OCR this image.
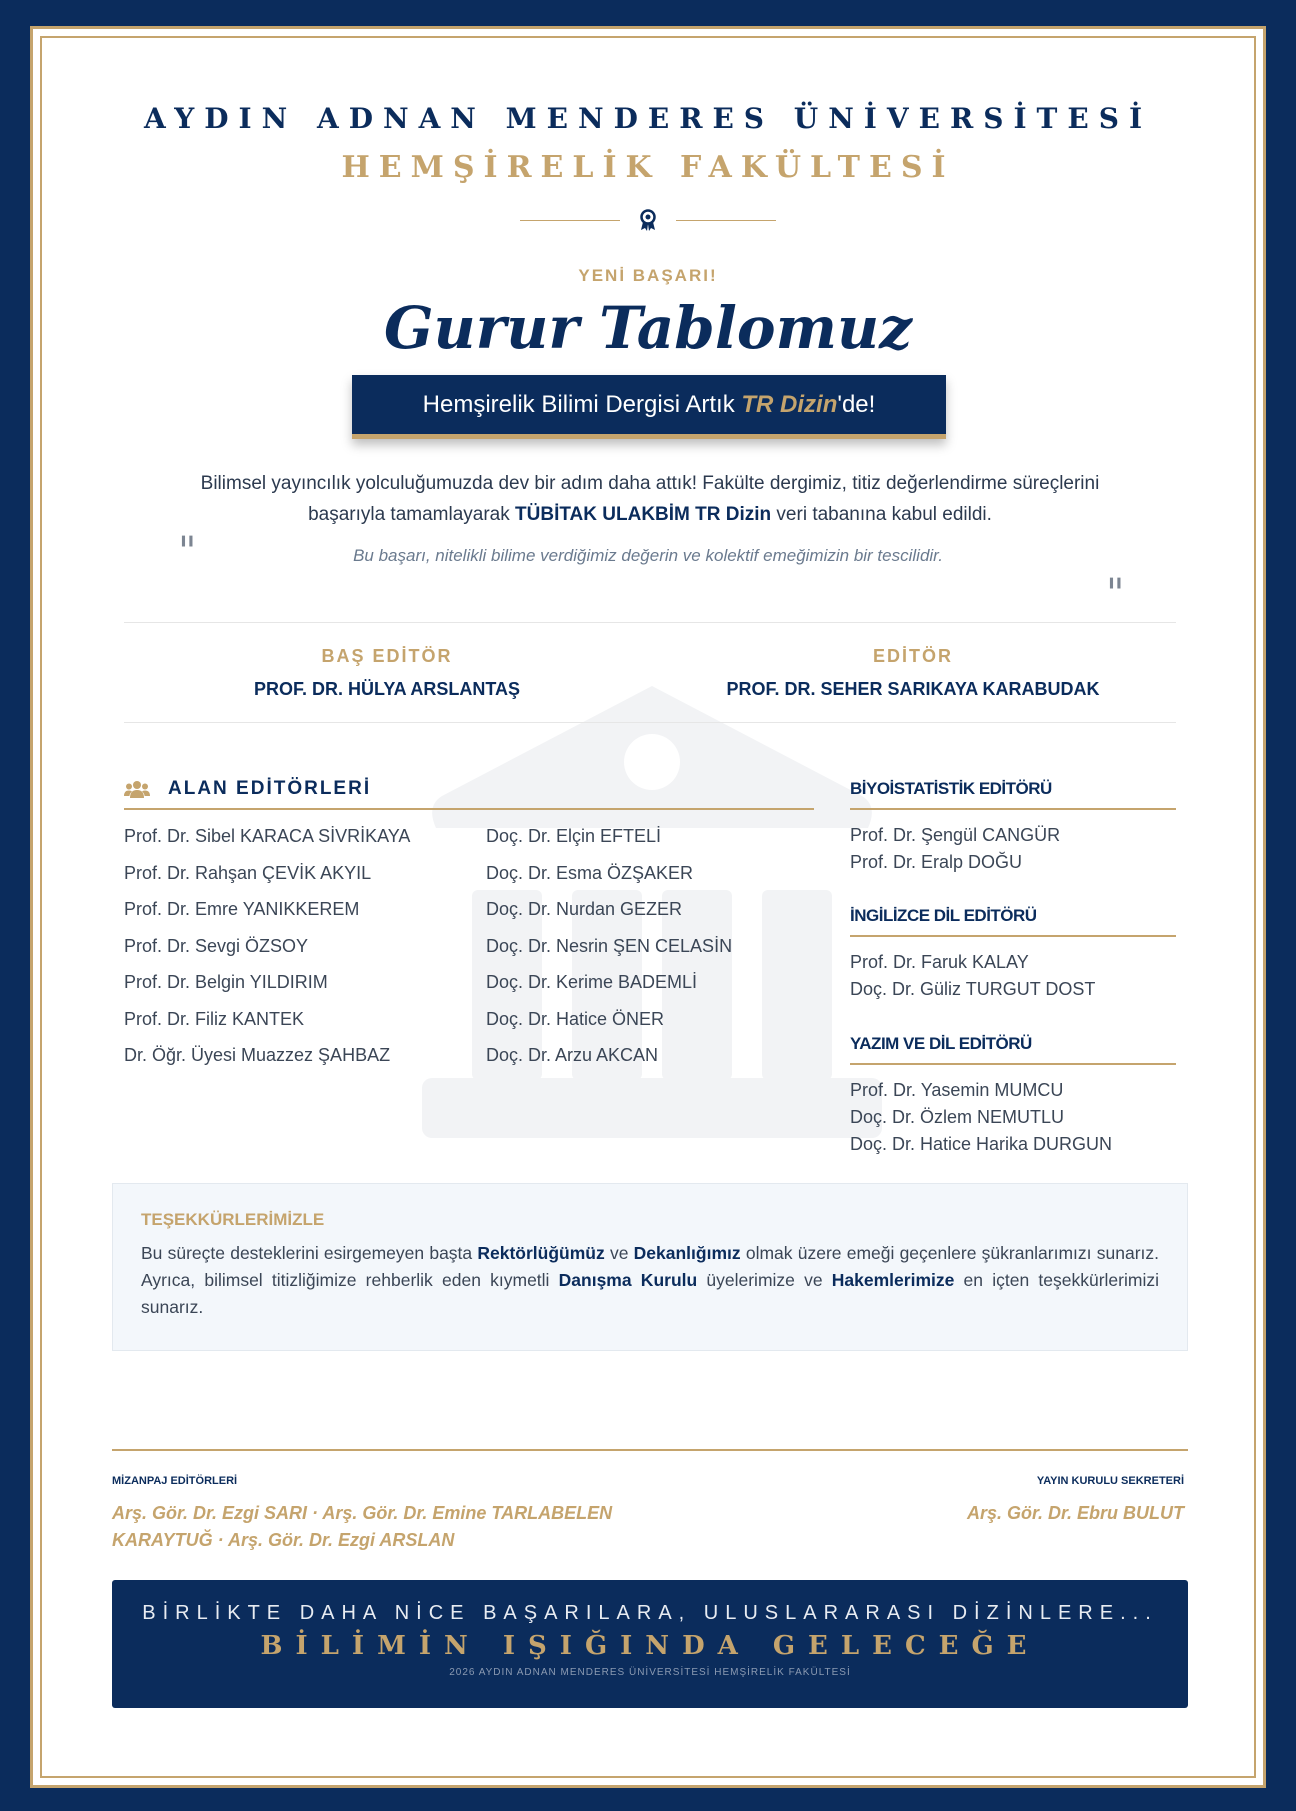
AYDIN ADNAN MENDERES ÜNİVERSİTESİ
HEMŞİRELİK FAKÜLTESİ
YENİ BAŞARI!
Gurur Tablomuz
Hemşirelik Bilimi Dergisi Artık TR Dizin 'de!

Bilimsel yayıncılık yolculuğumuzda dev bir adım daha attık! Fakülte dergimiz, titiz değerlendirme süreçlerini başarıyla tamamlayarak TÜBİTAK ULAKBİM TR Dizin veri tabanına kabul edildi.

"	Bu başarı, nitelikli bilime verdiğimiz değerin ve kolektif emeğimizin bir tescilidir.
"
BAŞ EDİTÖR
PROF. DR. HÜLYA ARSLANTAŞ
EDİTÖR
PROF. DR. SEHER SARIKAYA KARABUDAK
ALAN EDİTÖRLERİ
Prof. Dr. Sibel KARACA SİVRİKAYA
Prof. Dr. Rahşan ÇEVİK AKYIL
Prof. Dr. Emre YANIKKEREM
Prof. Dr. Sevgi ÖZSOY
Prof. Dr. Belgin YILDIRIM
Prof. Dr. Filiz KANTEK
Dr. Öğr. Üyesi Muazzez ŞAHBAZ
Doç. Dr. Elçin EFTELİ
Doç. Dr. Esma ÖZŞAKER
Doç. Dr. Nurdan GEZER
Doç. Dr. Nesrin ŞEN CELASİN
Doç. Dr. Kerime BADEMLİ
Doç. Dr. Hatice ÖNER
Doç. Dr. Arzu AKCAN
BİYOİSTATİSTİK EDİTÖRÜ
Prof. Dr. Şengül CANGÜR
Prof. Dr. Eralp DOĞU
İNGİLİZCE DİL EDİTÖRÜ
Prof. Dr. Faruk KALAY
Doç. Dr. Güliz TURGUT DOST
YAZIM VE DİL EDİTÖRÜ
Prof. Dr. Yasemin MUMCU
Doç. Dr. Özlem NEMUTLU
Doç. Dr. Hatice Harika DURGUN
TEŞEKKÜRLERİMİZLE

Bu süreçte desteklerini esirgemeyen başta Rektörlüğümüz ve Dekanlığımız olmak üzere emeği geçenlere şükranlarımızı sunarız. Ayrıca, bilimsel titizliğimize rehberlik eden kıymetli Danışma Kurulu üyelerimize ve Hakemlerimize en içten teşekkürlerimizi sunarız.

MİZANPAJ EDİTÖRLERİ
Arş. Gör. Dr. Ezgi SARI · Arş. Gör. Dr. Emine TARLABELEN KARAYTUĞ · Arş. Gör. Dr. Ezgi ARSLAN
YAYIN KURULU SEKRETERİ
Arş. Gör. Dr. Ebru BULUT
BİRLİKTE DAHA NİCE BAŞARILARA, ULUSLARARASI DİZİNLERE...
BİLİMİN IŞIĞINDA GELECEĞE
2026 AYDIN ADNAN MENDERES ÜNİVERSİTESİ HEMŞİRELİK FAKÜLTESİ
